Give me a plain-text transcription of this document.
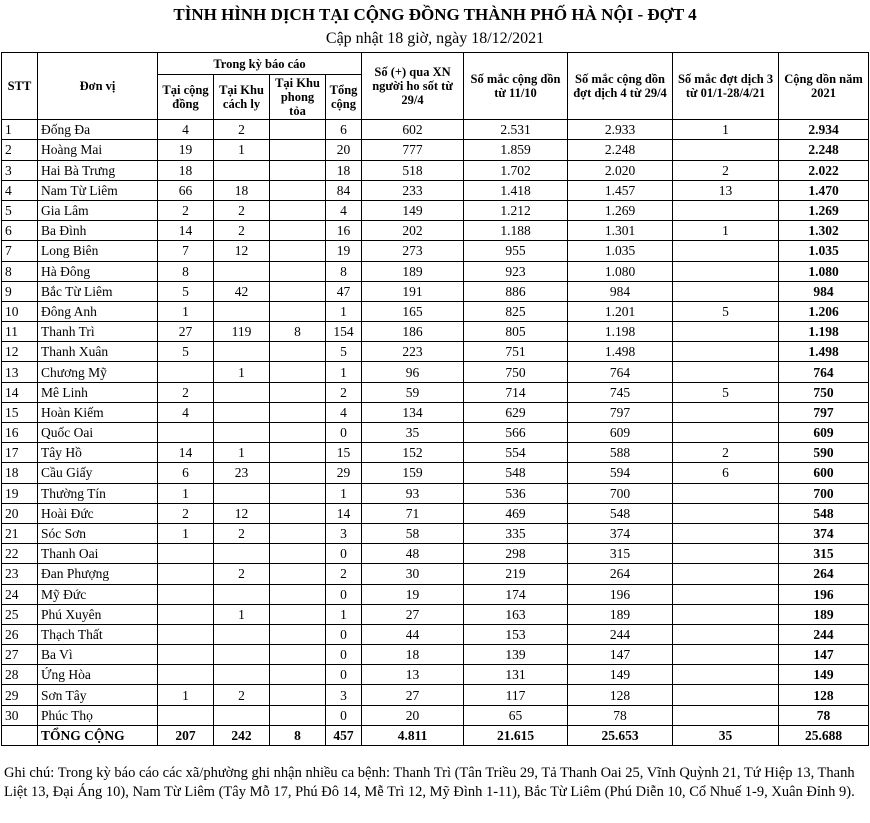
TÌNH HÌNH DỊCH TẠI CỘNG ĐỒNG THÀNH PHỐ HÀ NỘI - ĐỢT 4
Cập nhật 18 giờ, ngày 18/12/2021
STT	Đơn vị	Trong kỳ báo cáo				Số (+) qua XN người ho sốt từ 29/4	Số mắc cộng dồn từ 11/10	Số mắc cộng dồn đợt dịch 4 từ 29/4	Số mắc đợt dịch 3 từ 01/1-28/4/21	Cộng dồn năm 2021
		Tại cộng đồng	Tại Khu cách ly	Tại Khu phong tỏa	Tổng cộng					
1	Đống Đa	4	2		6	602	2.531	2.933	1	2.934
2	Hoàng Mai	19	1		20	777	1.859	2.248		2.248
3	Hai Bà Trưng	18			18	518	1.702	2.020	2	2.022
4	Nam Từ Liêm	66	18		84	233	1.418	1.457	13	1.470
5	Gia Lâm	2	2		4	149	1.212	1.269		1.269
6	Ba Đình	14	2		16	202	1.188	1.301	1	1.302
7	Long Biên	7	12		19	273	955	1.035		1.035
8	Hà Đông	8			8	189	923	1.080		1.080
9	Bắc Từ Liêm	5	42		47	191	886	984		984
10	Đông Anh	1			1	165	825	1.201	5	1.206
11	Thanh Trì	27	119	8	154	186	805	1.198		1.198
12	Thanh Xuân	5			5	223	751	1.498		1.498
13	Chương Mỹ		1		1	96	750	764		764
14	Mê Linh	2			2	59	714	745	5	750
15	Hoàn Kiếm	4			4	134	629	797		797
16	Quốc Oai				0	35	566	609		609
17	Tây Hồ	14	1		15	152	554	588	2	590
18	Cầu Giấy	6	23		29	159	548	594	6	600
19	Thường Tín	1			1	93	536	700		700
20	Hoài Đức	2	12		14	71	469	548		548
21	Sóc Sơn	1	2		3	58	335	374		374
22	Thanh Oai				0	48	298	315		315
23	Đan Phượng		2		2	30	219	264		264
24	Mỹ Đức				0	19	174	196		196
25	Phú Xuyên		1		1	27	163	189		189
26	Thạch Thất				0	44	153	244		244
27	Ba Vì				0	18	139	147		147
28	Ứng Hòa				0	13	131	149		149
29	Sơn Tây	1	2		3	27	117	128		128
30	Phúc Thọ				0	20	65	78		78
	TỔNG CỘNG	207	242	8	457	4.811	21.615	25.653	35	25.688
Ghi chú: Trong kỳ báo cáo các xã/phường ghi nhận nhiều ca bệnh: Thanh Trì (Tân Triều 29, Tả Thanh Oai 25, Vĩnh Quỳnh 21, Tứ Hiệp 13, Thanh Liệt 13, Đại Áng 10), Nam Từ Liêm (Tây Mỗ 17, Phú Đô 14, Mễ Trì 12, Mỹ Đình 1-11), Bắc Từ Liêm (Phú Diễn 10, Cổ Nhuế 1-9, Xuân Đỉnh 9).
